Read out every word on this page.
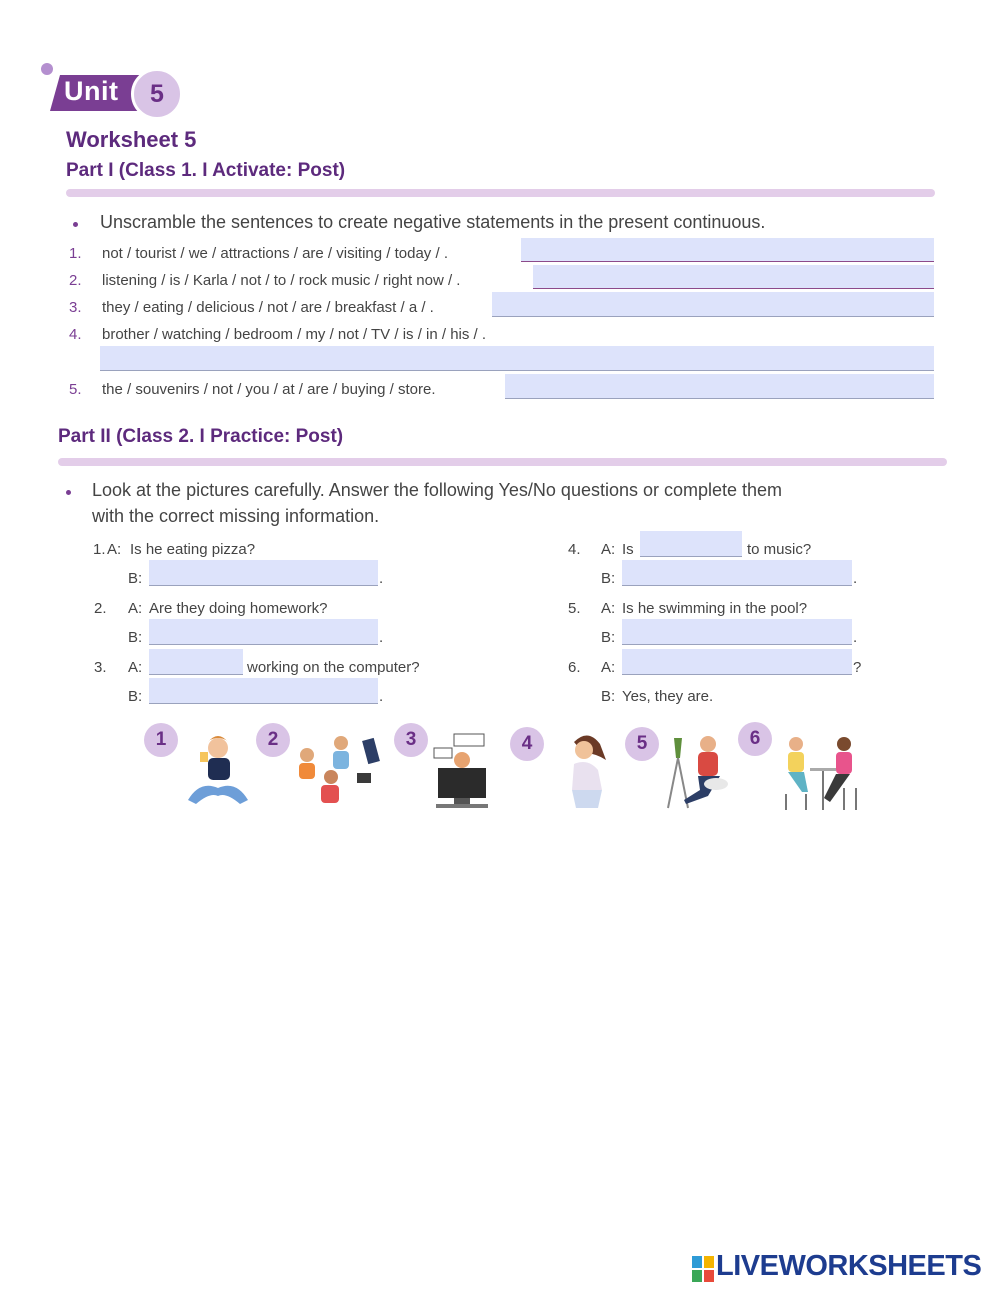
Unit	5
Worksheet 5
Part I (Class 1. I Activate: Post)
Unscramble the sentences to create negative statements in the present continuous.
1. not / tourist / we / attractions / are / visiting / today / .
2. listening / is / Karla / not / to / rock music / right now / .
3. they / eating / delicious / not / are / breakfast / a / .
4. brother / watching / bedroom / my / not / TV / is / in / his / .
5. the / souvenirs / not / you / at / are / buying / store.
Part II (Class 2. I Practice: Post)
Look at the pictures carefully. Answer the following Yes/No questions or complete them
with the correct missing information.
1. A: Is he eating pizza?
B:	.
2. A: Are they doing homework?
B:	.
3. A:	working on the computer?
B:	.
4. A: Is	to music?
B:	.
5. A: Is he swimming in the pool?
B:	.
6. A:	?
B: Yes, they are.
1	2	3	4	5	6
LIVEWORKSHEETS
